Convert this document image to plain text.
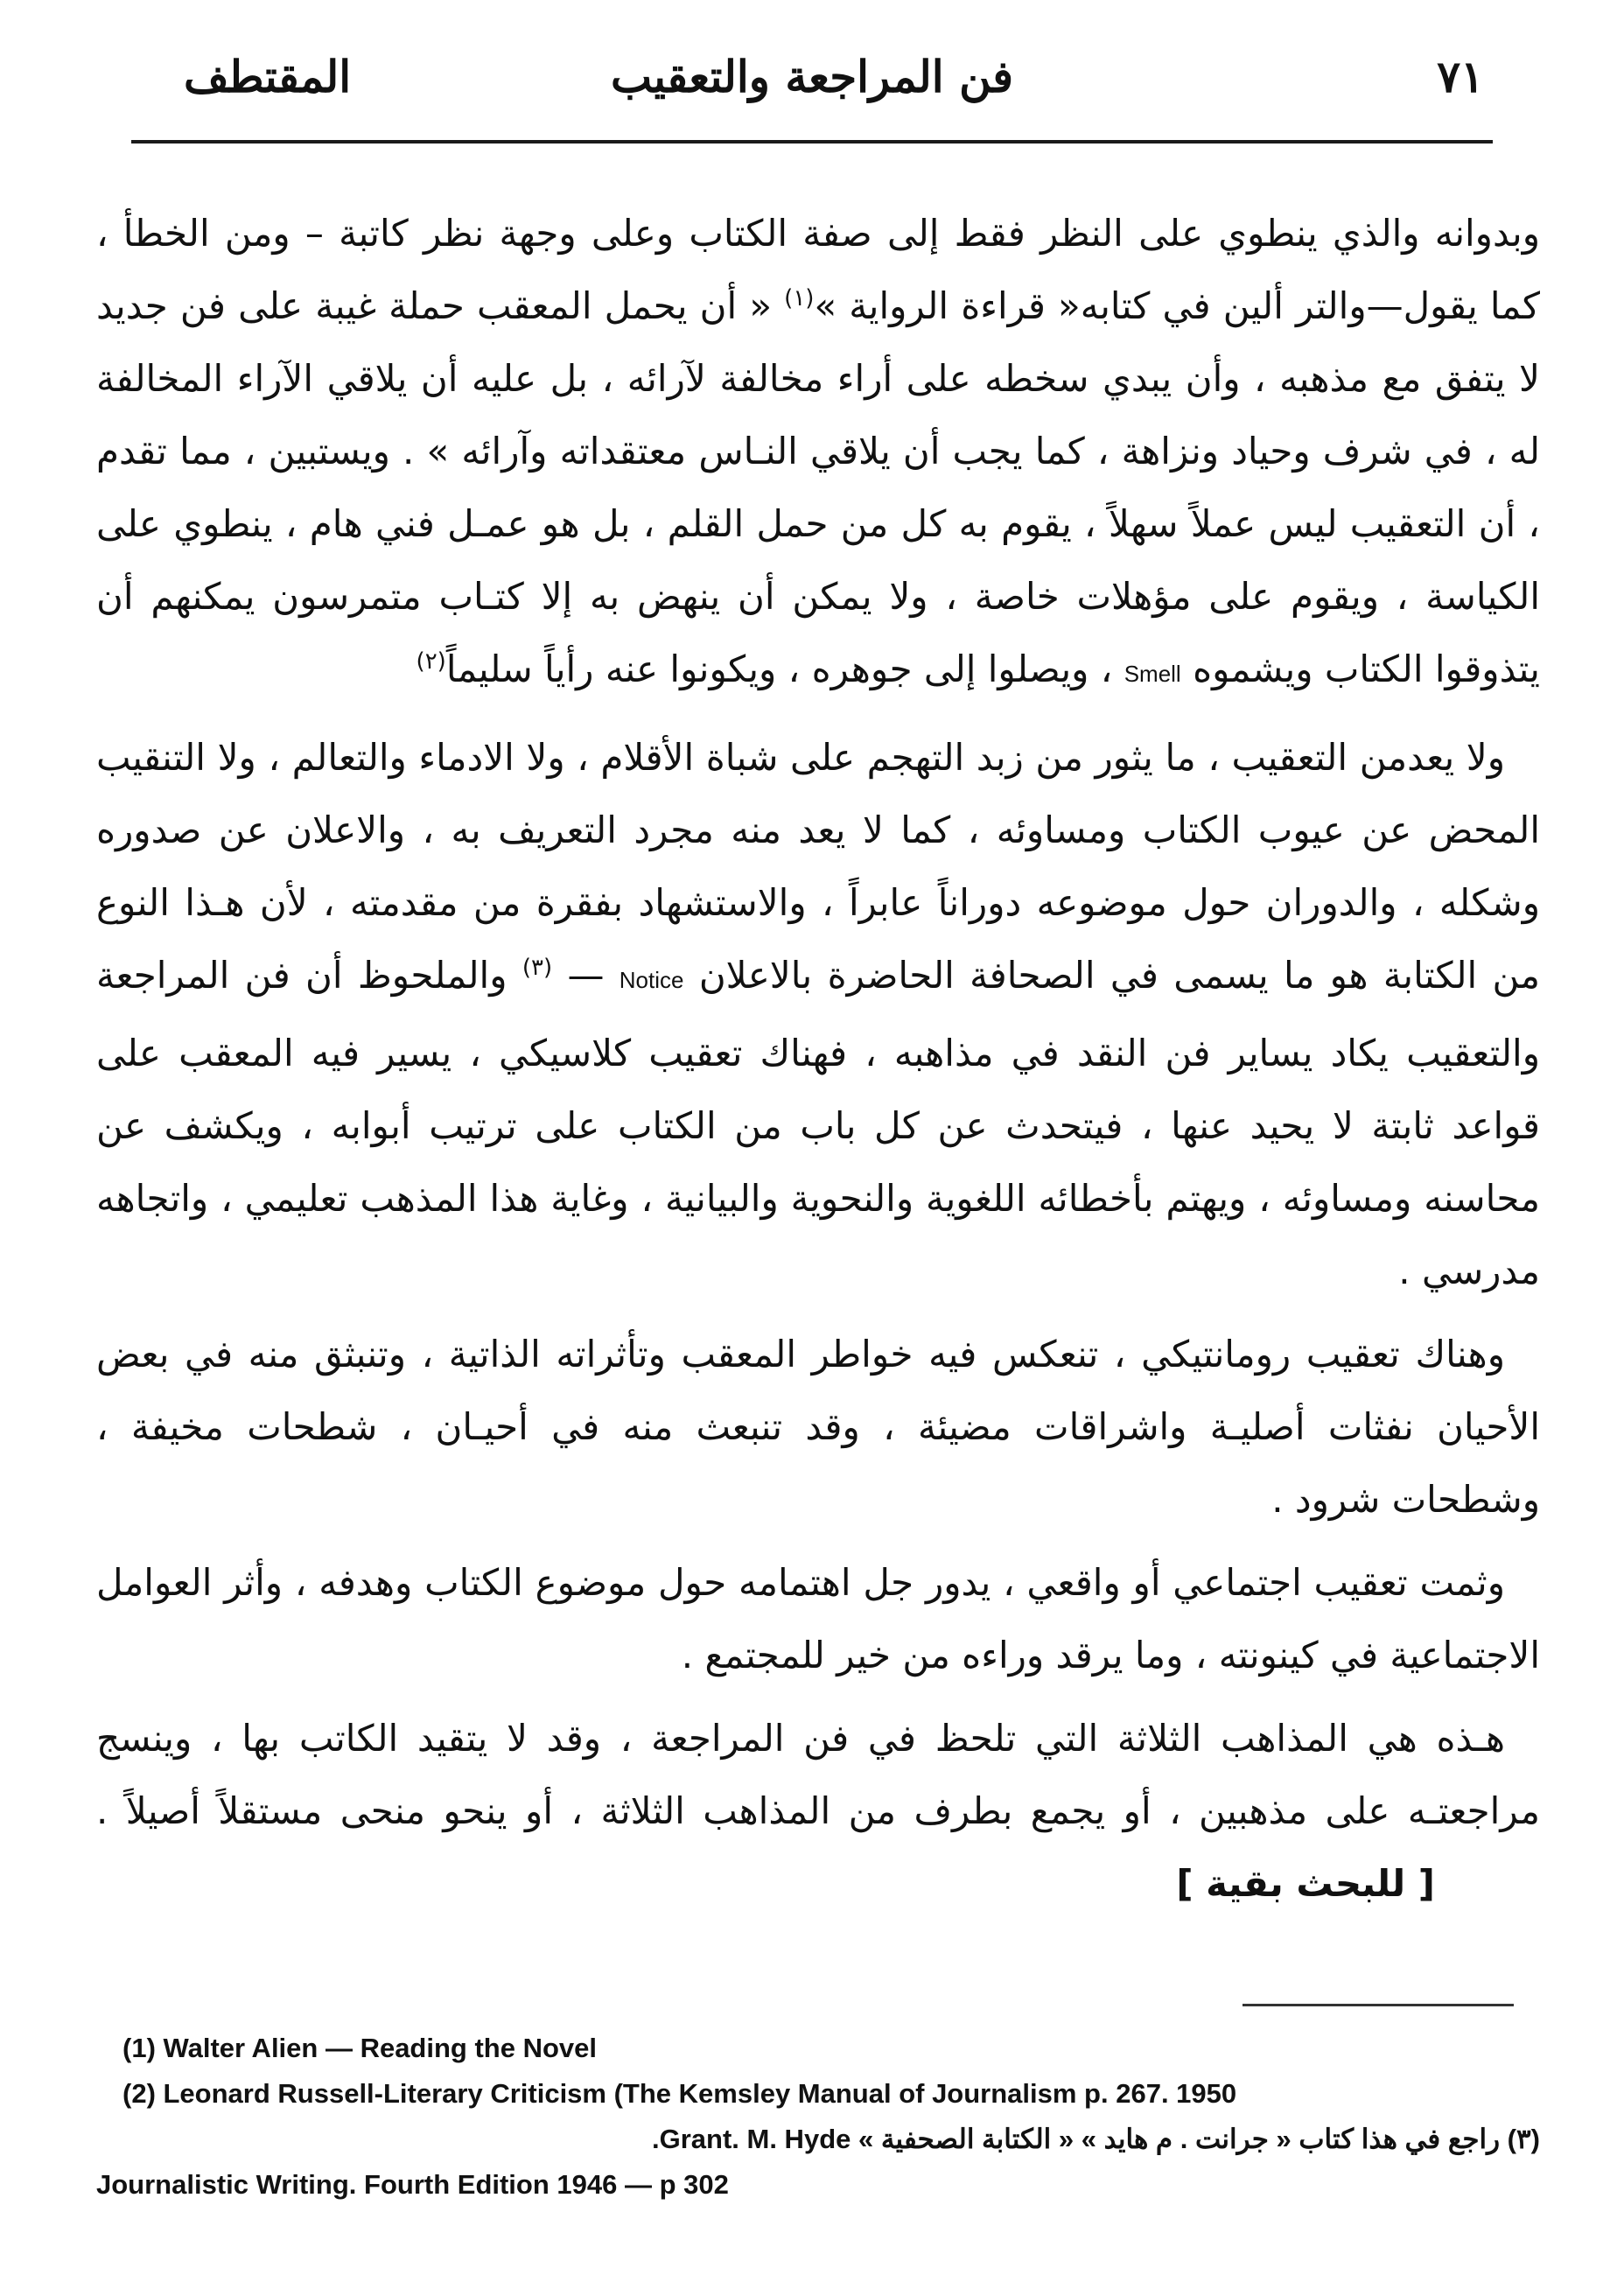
٧١
فن المراجعة والتعقيب
المقتطف

وبدوانه والذي ينطوي على النظر فقط إلى صفة الكتاب وعلى وجهة نظر كاتبة – ومن الخطأ ، كما يقول—والتر ألين في كتابه« قراءة الرواية »$^{(١)}$ « أن يحمل المعقب حملة غيبة على فن جديد لا يتفق مع مذهبه ، وأن يبدي سخطه على أراء مخالفة لآرائه ، بل عليه أن يلاقي الآراء المخالفة له ، في شرف وحياد ونزاهة ، كما يجب أن يلاقي النـاس معتقداته وآرائه » . ويستبين ، مما تقدم ، أن التعقيب ليس عملاً سهلاً ، يقوم به كل من حمل القلم ، بل هو عمـل فني هام ، ينطوي على الكياسة ، ويقوم على مؤهلات خاصة ، ولا يمكن أن ينهض به إلا كتـاب متمرسون يمكنهم أن يتذوقوا الكتاب ويشموه Smell ، ويصلوا إلى جوهره ، ويكونوا عنه رأياً سليماً$^{(٢)}$

ولا يعدمن التعقيب ، ما يثور من زبد التهجم على شباة الأقلام ، ولا الادماء والتعالم ، ولا التنقيب المحض عن عيوب الكتاب ومساوئه ، كما لا يعد منه مجرد التعريف به ، والاعلان عن صدوره وشكله ، والدوران حول موضوعه دوراناً عابراً ، والاستشهاد بفقرة من مقدمته ، لأن هـذا النوع من الكتابة هو ما يسمى في الصحافة الحاضرة بالاعلان Notice — $^{(٣)}$ والملحوظ أن فن المراجعة والتعقيب يكاد يساير فن النقد في مذاهبه ، فهناك تعقيب كلاسيكي ، يسير فيه المعقب على قواعد ثابتة لا يحيد عنها ، فيتحدث عن كل باب من الكتاب على ترتيب أبوابه ، ويكشف عن محاسنه ومساوئه ، ويهتم بأخطائه اللغوية والنحوية والبيانية ، وغاية هذا المذهب تعليمي ، واتجاهه مدرسي .

وهناك تعقيب رومانتيكي ، تنعكس فيه خواطر المعقب وتأثراته الذاتية ، وتنبثق منه في بعض الأحيان نفثات أصليـة واشراقات مضيئة ، وقد تنبعث منه في أحيـان ، شطحات مخيفة ، وشطحات شرود .

وثمت تعقيب اجتماعي أو واقعي ، يدور جل اهتمامه حول موضوع الكتاب وهدفه ، وأثر العوامل الاجتماعية في كينونته ، وما يرقد وراءه من خير للمجتمع .

هـذه هي المذاهب الثلاثة التي تلحظ في فن المراجعة ، وقد لا يتقيد الكاتب بها ، وينسج مراجعتـه على مذهبين ، أو يجمع بطرف من المذاهب الثلاثة ، أو ينحو منحى مستقلاً أصيلاً . [ للبحث بقية ]

(1) Walter Alien — Reading the Novel
(2) Leonard Russell-Literary Criticism (The Kemsley Manual of Journalism p. 267. 1950
(٣) راجع في هذا كتاب « جرانت . م هايد » « الكتابة الصحفية » Grant. M. Hyde.
Journalistic Writing. Fourth Edition 1946 — p 302
